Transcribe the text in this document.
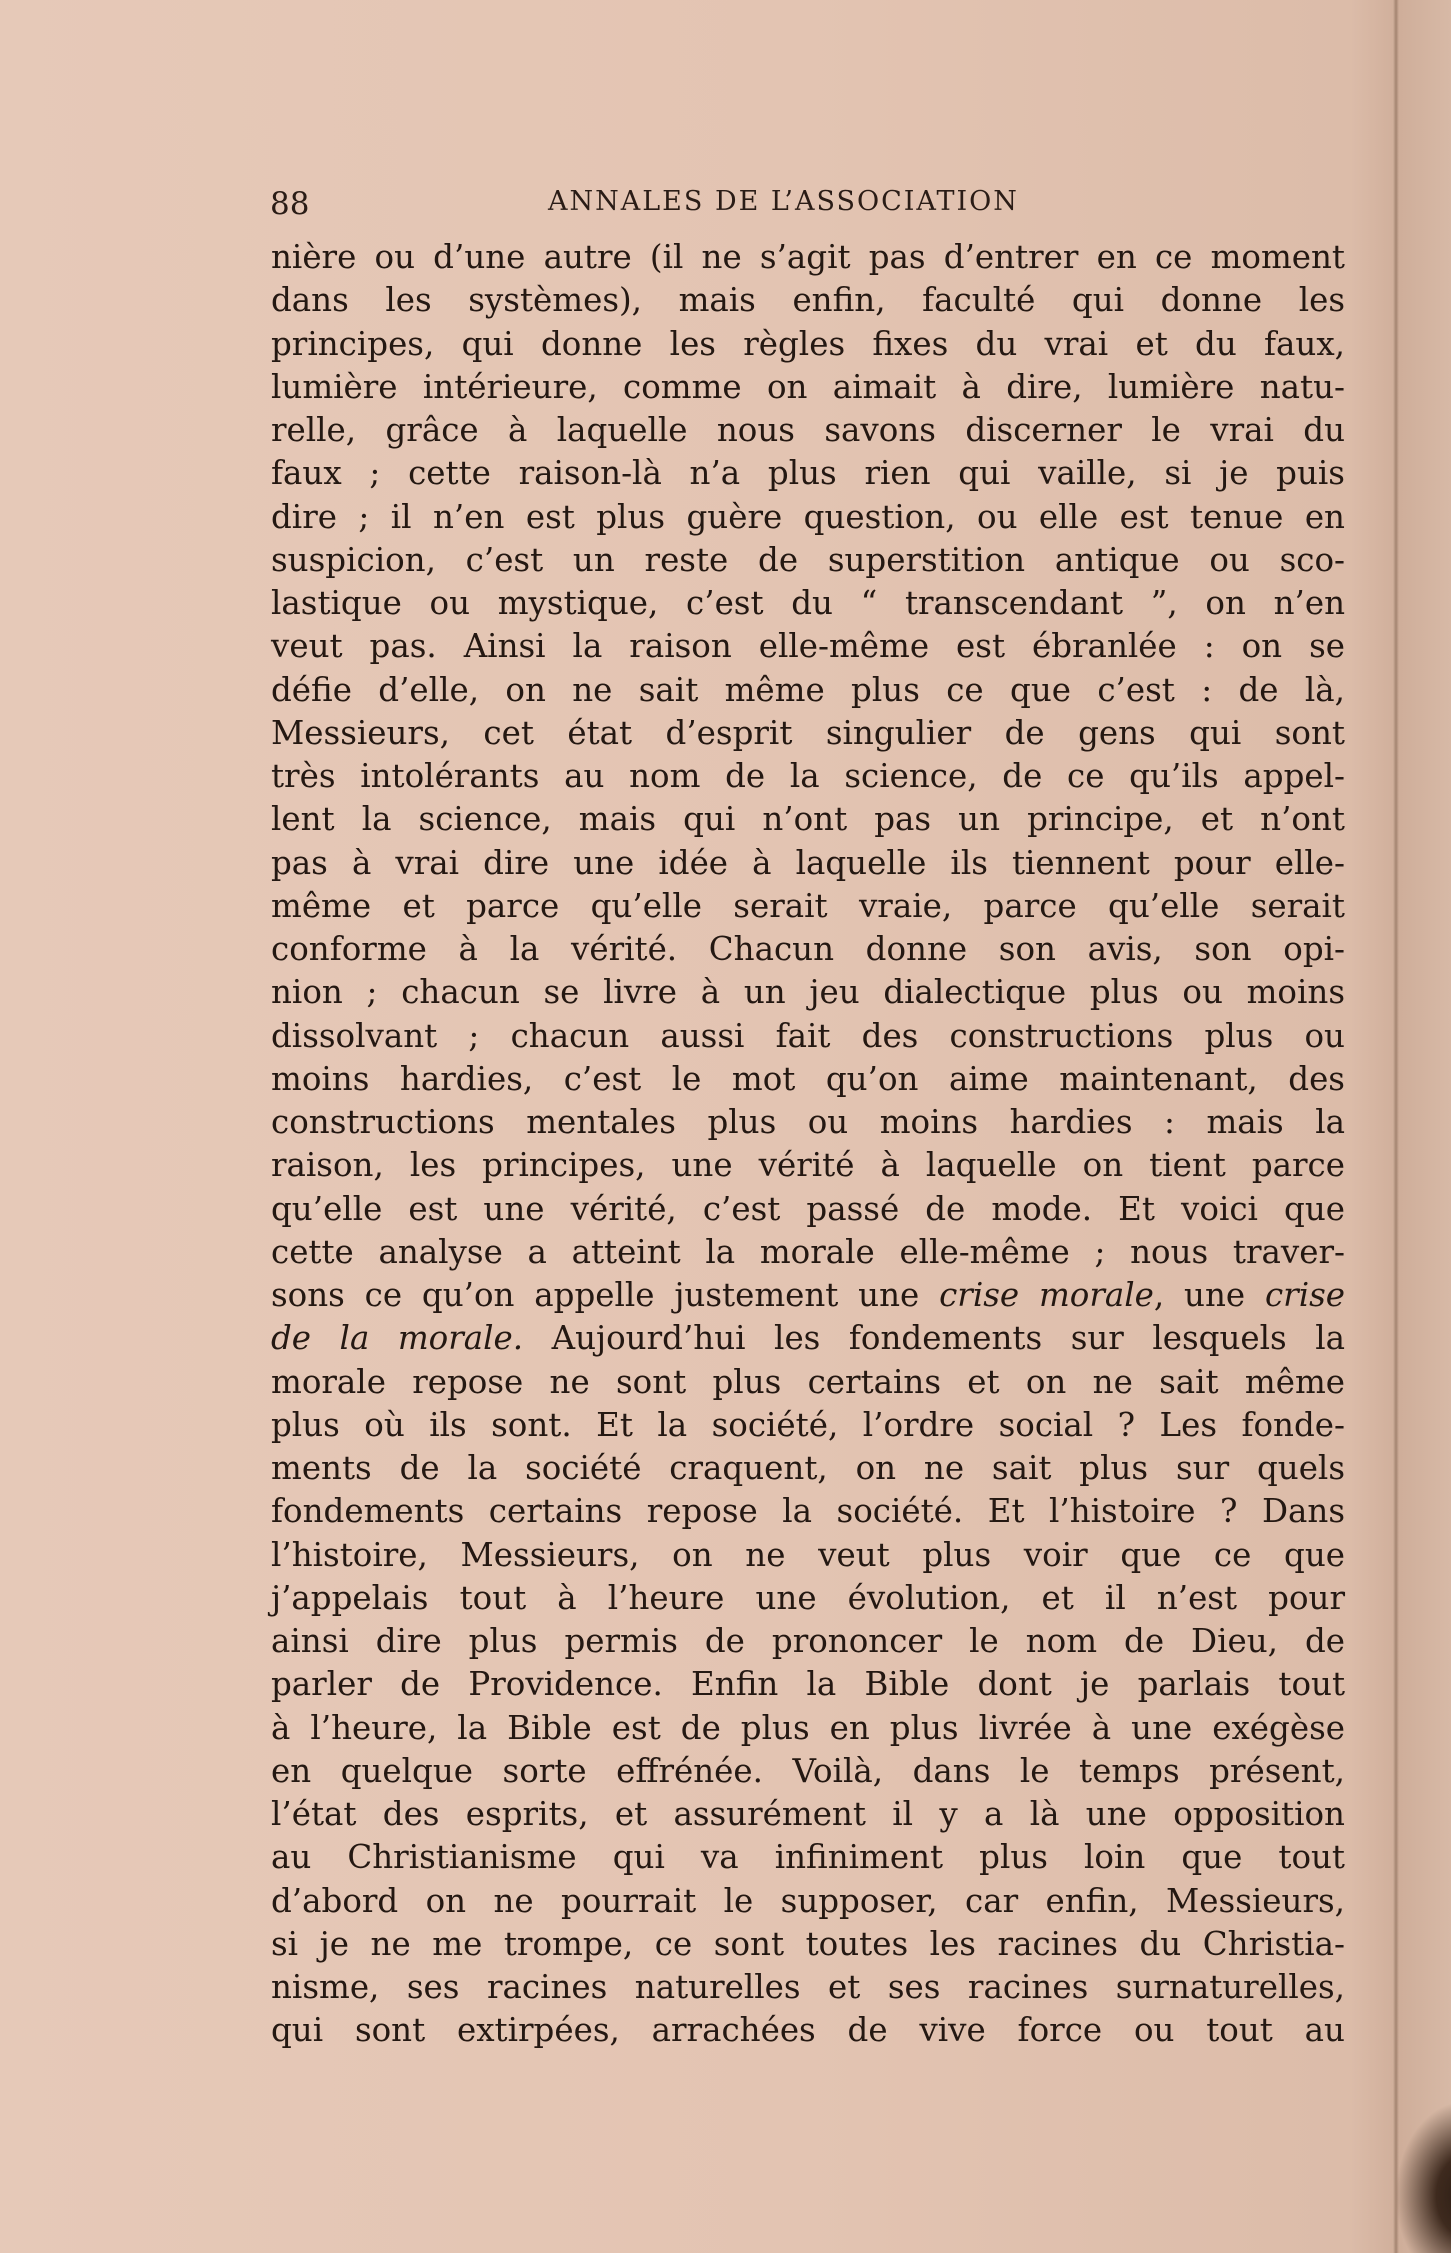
88	ANNALES DE L’ASSOCIATION
nière ou d’une autre (il ne s’agit pas d’entrer en ce moment
dans les systèmes), mais enfin, faculté qui donne les
principes, qui donne les règles fixes du vrai et du faux,
lumière intérieure, comme on aimait à dire, lumière natu-
relle, grâce à laquelle nous savons discerner le vrai du
faux ; cette raison-là n’a plus rien qui vaille, si je puis
dire ; il n’en est plus guère question, ou elle est tenue en
suspicion, c’est un reste de superstition antique ou sco-
lastique ou mystique, c’est du “ transcendant ”, on n’en
veut pas. Ainsi la raison elle-même est ébranlée : on se
défie d’elle, on ne sait même plus ce que c’est : de là,
Messieurs, cet état d’esprit singulier de gens qui sont
très intolérants au nom de la science, de ce qu’ils appel-
lent la science, mais qui n’ont pas un principe, et n’ont
pas à vrai dire une idée à laquelle ils tiennent pour elle-
même et parce qu’elle serait vraie, parce qu’elle serait
conforme à la vérité. Chacun donne son avis, son opi-
nion ; chacun se livre à un jeu dialectique plus ou moins
dissolvant ; chacun aussi fait des constructions plus ou
moins hardies, c’est le mot qu’on aime maintenant, des
constructions mentales plus ou moins hardies : mais la
raison, les principes, une vérité à laquelle on tient parce
qu’elle est une vérité, c’est passé de mode. Et voici que
cette analyse a atteint la morale elle-même ; nous traver-
sons ce qu’on appelle justement une crise morale, une crise
de la morale. Aujourd’hui les fondements sur lesquels la
morale repose ne sont plus certains et on ne sait même
plus où ils sont. Et la société, l’ordre social ? Les fonde-
ments de la société craquent, on ne sait plus sur quels
fondements certains repose la société. Et l’histoire ? Dans
l’histoire, Messieurs, on ne veut plus voir que ce que
j’appelais tout à l’heure une évolution, et il n’est pour
ainsi dire plus permis de prononcer le nom de Dieu, de
parler de Providence. Enfin la Bible dont je parlais tout
à l’heure, la Bible est de plus en plus livrée à une exégèse
en quelque sorte effrénée. Voilà, dans le temps présent,
l’état des esprits, et assurément il y a là une opposition
au Christianisme qui va infiniment plus loin que tout
d’abord on ne pourrait le supposer, car enfin, Messieurs,
si je ne me trompe, ce sont toutes les racines du Christia-
nisme, ses racines naturelles et ses racines surnaturelles,
qui sont extirpées, arrachées de vive force ou tout au
